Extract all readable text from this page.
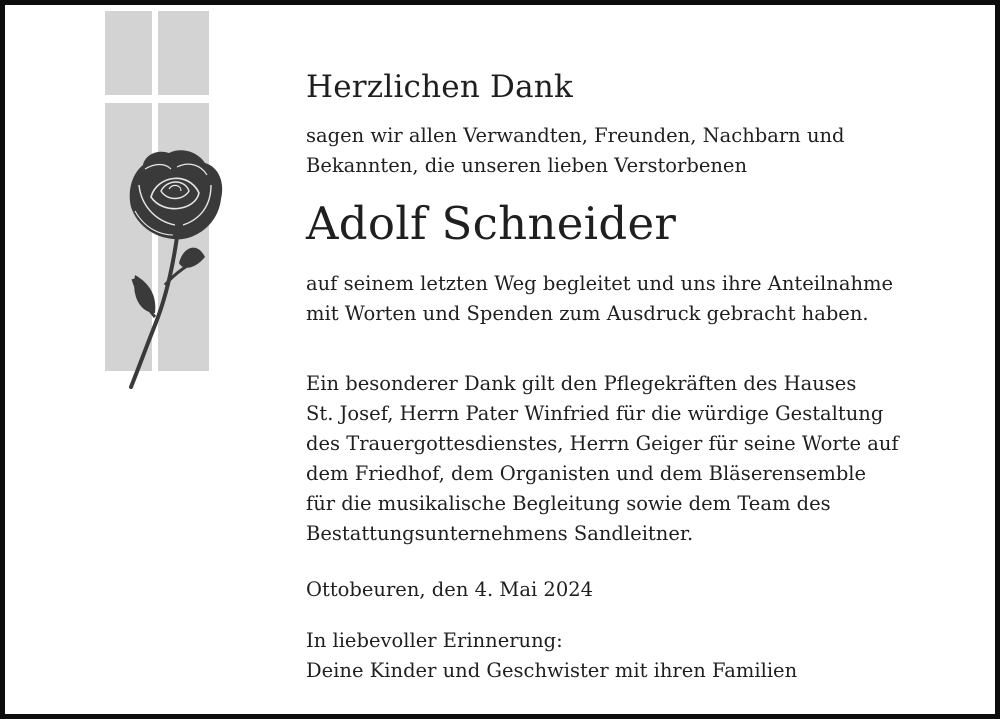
Herzlichen Dank
sagen wir allen Verwandten, Freunden, Nachbarn und
Bekannten, die unseren lieben Verstorbenen
Adolf Schneider
auf seinem letzten Weg begleitet und uns ihre Anteilnahme
mit Worten und Spenden zum Ausdruck gebracht haben.
Ein besonderer Dank gilt den Pflegekräften des Hauses
St. Josef, Herrn Pater Winfried für die würdige Gestaltung
des Trauergottesdienstes, Herrn Geiger für seine Worte auf
dem Friedhof, dem Organisten und dem Bläserensemble
für die musikalische Begleitung sowie dem Team des
Bestattungsunternehmens Sandleitner.
Ottobeuren, den 4. Mai 2024
In liebevoller Erinnerung:
Deine Kinder und Geschwister mit ihren Familien
